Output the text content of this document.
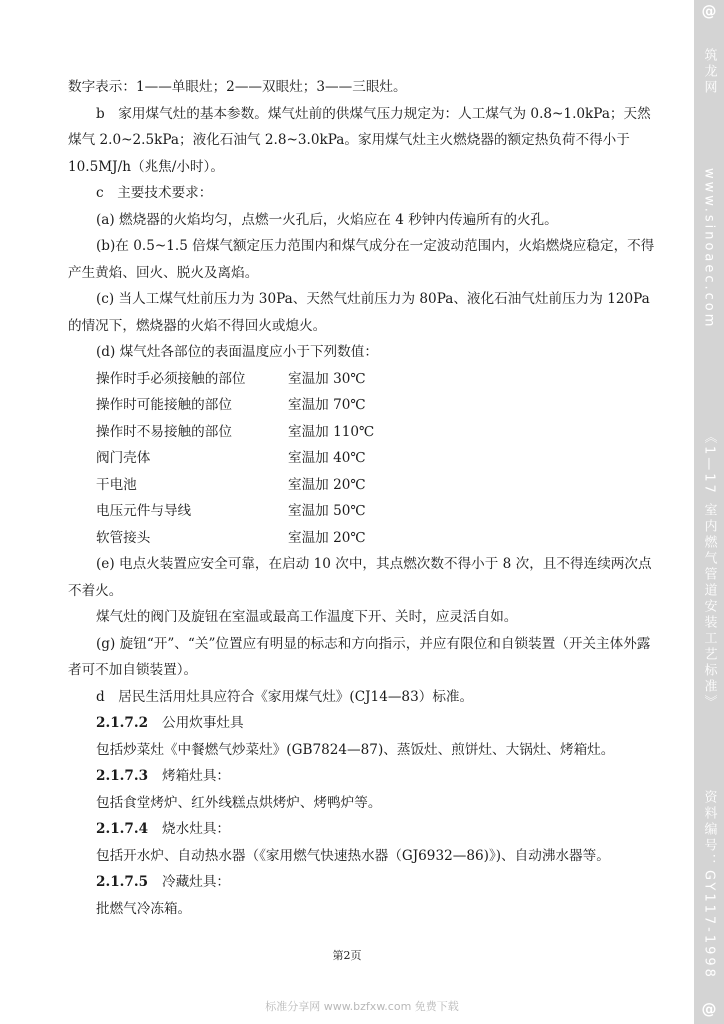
数字表示：1——单眼灶；2——双眼灶；3——三眼灶。

b　家用煤气灶的基本参数。煤气灶前的供煤气压力规定为：人工煤气为 0.8~1.0kPa；天然煤气 2.0~2.5kPa；液化石油气 2.8~3.0kPa。家用煤气灶主火燃烧器的额定热负荷不得小于 10.5MJ/h（兆焦/小时）。

c　主要技术要求：

(a) 燃烧器的火焰均匀，点燃一火孔后，火焰应在 4 秒钟内传遍所有的火孔。

(b)在 0.5~1.5 倍煤气额定压力范围内和煤气成分在一定波动范围内，火焰燃烧应稳定，不得产生黄焰、回火、脱火及离焰。

(c) 当人工煤气灶前压力为 30Pa、天然气灶前压力为 80Pa、液化石油气灶前压力为 120Pa 的情况下，燃烧器的火焰不得回火或熄火。

(d) 煤气灶各部位的表面温度应小于下列数值：

操作时手必须接触的部位	室温加 30℃
操作时可能接触的部位	室温加 70℃
操作时不易接触的部位	室温加 110℃
阀门壳体	室温加 40℃
干电池	室温加 20℃
电压元件与导线	室温加 50℃
软管接头	室温加 20℃

(e) 电点火装置应安全可靠，在启动 10 次中，其点燃次数不得小于 8 次，且不得连续两次点不着火。

煤气灶的阀门及旋钮在室温或最高工作温度下开、关时，应灵活自如。

(g) 旋钮“开”、“关”位置应有明显的标志和方向指示，并应有限位和自锁装置（开关主体外露者可不加自锁装置）。

d　居民生活用灶具应符合《家用煤气灶》(CJ14—83）标准。

2.1.7.2 公用炊事灶具

包括炒菜灶《中餐燃气炒菜灶》(GB7824—87)、蒸饭灶、煎饼灶、大锅灶、烤箱灶。

2.1.7.3 烤箱灶具：

包括食堂烤炉、红外线糕点烘烤炉、烤鸭炉等。

2.1.7.4 烧水灶具：

包括开水炉、自动热水器（《家用燃气快速热水器（GJ6932—86)》)、自动沸水器等。

2.1.7.5 冷藏灶具：

批燃气冷冻箱。

第2页
标准分享网 www.bzfxw.com 免费下载
@
筑龙网
www.sinoaec.com
《1—17 室内燃气管道安装工艺标准》
资料编号：GY117-1998
@
